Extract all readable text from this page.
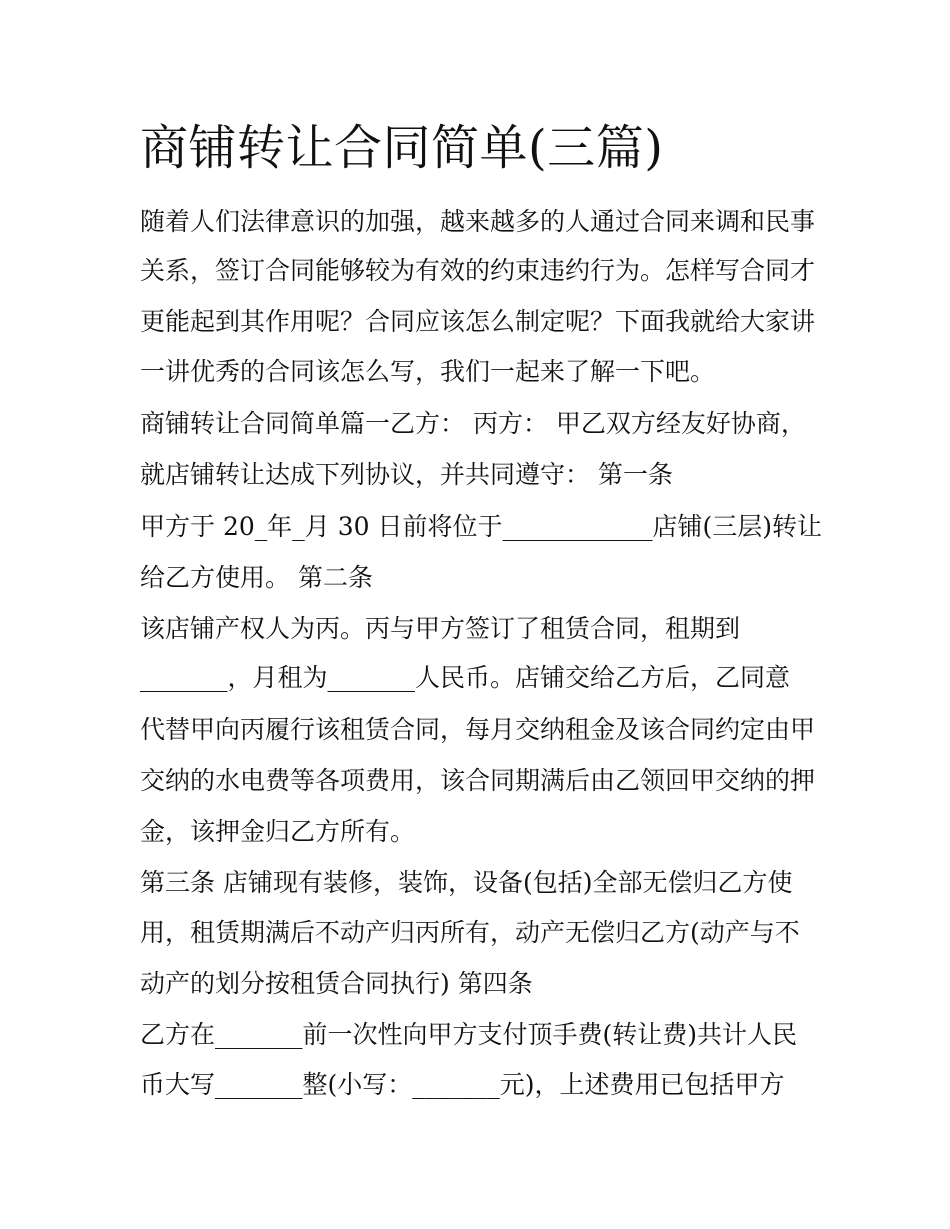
商铺转让合同简单(三篇)
随着人们法律意识的加强，越来越多的人通过合同来调和民事
关系，签订合同能够较为有效的约束违约行为。怎样写合同才
更能起到其作用呢？合同应该怎么制定呢？下面我就给大家讲
一讲优秀的合同该怎么写，我们一起来了解一下吧。
商铺转让合同简单篇一乙方： 丙方： 甲乙双方经友好协商，
就店铺转让达成下列协议，并共同遵守： 第一条
甲方于 20_年_月 30 日前将位于____________店铺(三层)转让
给乙方使用。 第二条
该店铺产权人为丙。丙与甲方签订了租赁合同，租期到
_______，月租为_______人民币。店铺交给乙方后，乙同意
代替甲向丙履行该租赁合同，每月交纳租金及该合同约定由甲
交纳的水电费等各项费用，该合同期满后由乙领回甲交纳的押
金，该押金归乙方所有。
第三条 店铺现有装修，装饰，设备(包括)全部无偿归乙方使
用，租赁期满后不动产归丙所有，动产无偿归乙方(动产与不
动产的划分按租赁合同执行) 第四条
乙方在_______前一次性向甲方支付顶手费(转让费)共计人民
币大写_______整(小写：_______元)，上述费用已包括甲方
